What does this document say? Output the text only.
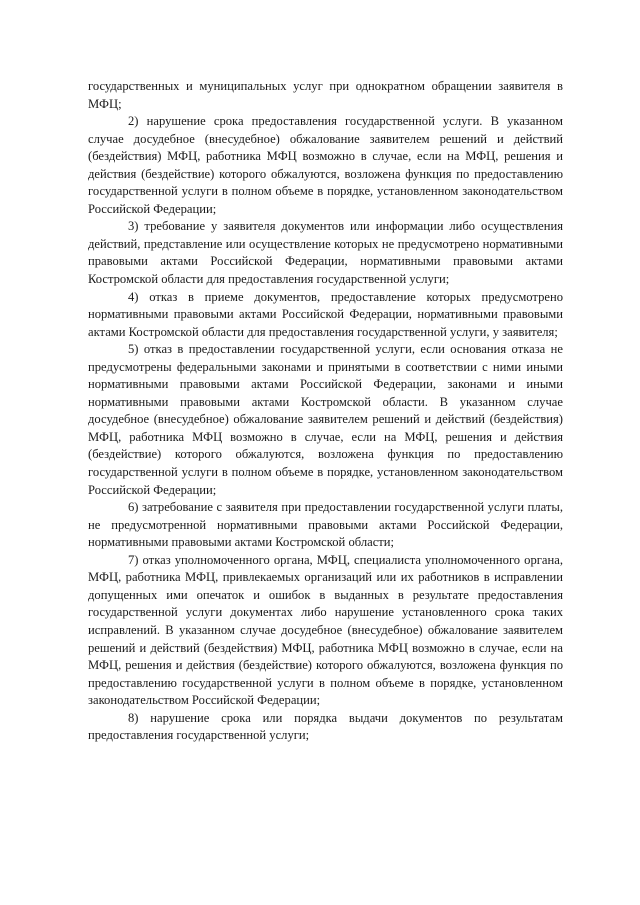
государственных и муниципальных услуг при однократном обращении заявителя в МФЦ;

2) нарушение срока предоставления государственной услуги. В указанном случае досудебное (внесудебное) обжалование заявителем решений и действий (бездействия) МФЦ, работника МФЦ возможно в случае, если на МФЦ, решения и действия (бездействие) которого обжалуются, возложена функция по предоставлению государственной услуги в полном объеме в порядке, установленном законодательством Российской Федерации;

3) требование у заявителя документов или информации либо осуществления действий, представление или осуществление которых не предусмотрено нормативными правовыми актами Российской Федерации, нормативными правовыми актами Костромской области для предоставления государственной услуги;

4) отказ в приеме документов, предоставление которых предусмотрено нормативными правовыми актами Российской Федерации, нормативными правовыми актами Костромской области для предоставления государственной услуги, у заявителя;

5) отказ в предоставлении государственной услуги, если основания отказа не предусмотрены федеральными законами и принятыми в соответствии с ними иными нормативными правовыми актами Российской Федерации, законами и иными нормативными правовыми актами Костромской области. В указанном случае досудебное (внесудебное) обжалование заявителем решений и действий (бездействия) МФЦ, работника МФЦ возможно в случае, если на МФЦ, решения и действия (бездействие) которого обжалуются, возложена функция по предоставлению государственной услуги в полном объеме в порядке, установленном законодательством Российской Федерации;

6) затребование с заявителя при предоставлении государственной услуги платы, не предусмотренной нормативными правовыми актами Российской Федерации, нормативными правовыми актами Костромской области;

7) отказ уполномоченного органа, МФЦ, специалиста уполномоченного органа, МФЦ, работника МФЦ, привлекаемых организаций или их работников в исправлении допущенных ими опечаток и ошибок в выданных в результате предоставления государственной услуги документах либо нарушение установленного срока таких исправлений. В указанном случае досудебное (внесудебное) обжалование заявителем решений и действий (бездействия) МФЦ, работника МФЦ возможно в случае, если на МФЦ, решения и действия (бездействие) которого обжалуются, возложена функция по предоставлению государственной услуги в полном объеме в порядке, установленном законодательством Российской Федерации;

8) нарушение срока или порядка выдачи документов по результатам предоставления государственной услуги;
